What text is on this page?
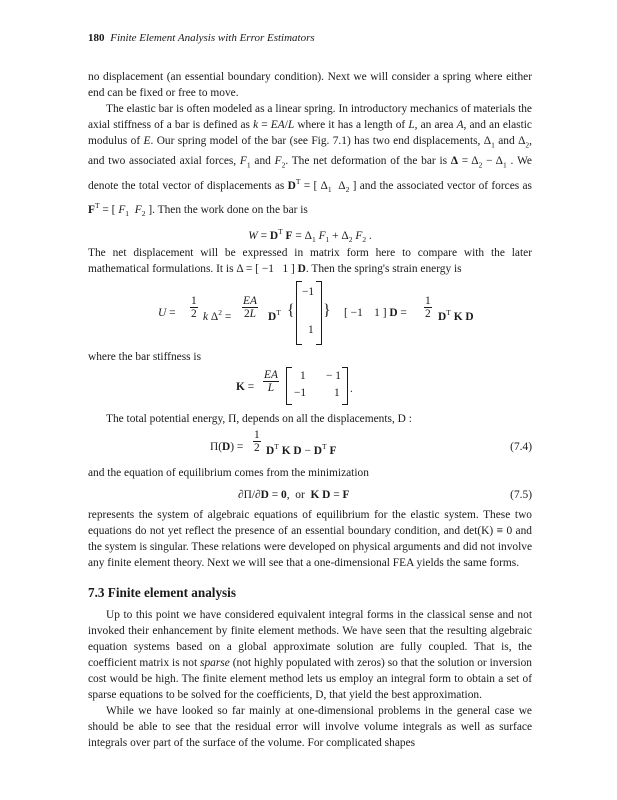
180 Finite Element Analysis with Error Estimators

no displacement (an essential boundary condition). Next we will consider a spring where either end can be fixed or free to move.

The elastic bar is often modeled as a linear spring. In introductory mechanics of materials the axial stiffness of a bar is defined as k = EA/L where it has a length of L, an area A, and an elastic modulus of E. Our spring model of the bar (see Fig. 7.1) has two end displacements, $\Delta_1$ and $\Delta_2$, and two associated axial forces, $F_1$ and $F_2$. The net deformation of the bar is $\Delta = \Delta_2 - \Delta_1$ . We denote the total vector of displacements as $D^T$ = [ $\Delta_1$  $\Delta_2$ ] and the associated vector of forces as $F^T$ = [ $F_1$ $F_2$ ]. Then the work done on the bar is

$W = D^T$ $F = \Delta_1$ $F_1 + \Delta_2$ $F_2$ .

The net displacement will be expressed in matrix form here to compare with the later mathematical formulations. It is Δ = [ −1   1 ] D. Then the spring's strain energy is

$U = \frac{1}{2}$ k $\Delta^2 = \frac{EA}{2L} D^T$ {
−1
1
} [ −1    1 ] $D = \frac{1}{2} D^T$ K D

where the bar stiffness is

$K = \frac{EA}{L} 1 - 1$
−1 1 .

The total potential energy, Π, depends on all the displacements, D :

$\Pi(D) = \frac{1}{2} D^T$ K $D - D^T$ F	(7.4)

and the equation of equilibrium comes from the minimization

∂Π/∂D = 0,  or  K D = F	(7.5)

represents the system of algebraic equations of equilibrium for the elastic system. These two equations do not yet reflect the presence of an essential boundary condition, and det(K) ≡ 0 and the system is singular. These relations were developed on physical arguments and did not involve any finite element theory. Next we will see that a one-dimensional FEA yields the same forms.

7.3 Finite element analysis

Up to this point we have considered equivalent integral forms in the classical sense and not invoked their enhancement by finite element methods. We have seen that the resulting algebraic equation systems based on a global approximate solution are fully coupled. That is, the coefficient matrix is not sparse (not highly populated with zeros) so that the solution or inversion cost would be high. The finite element method lets us employ an integral form to obtain a set of sparse equations to be solved for the coefficients, D, that yield the best approximation.

While we have looked so far mainly at one-dimensional problems in the general case we should be able to see that the residual error will involve volume integrals as well as surface integrals over part of the surface of the volume. For complicated shapes
